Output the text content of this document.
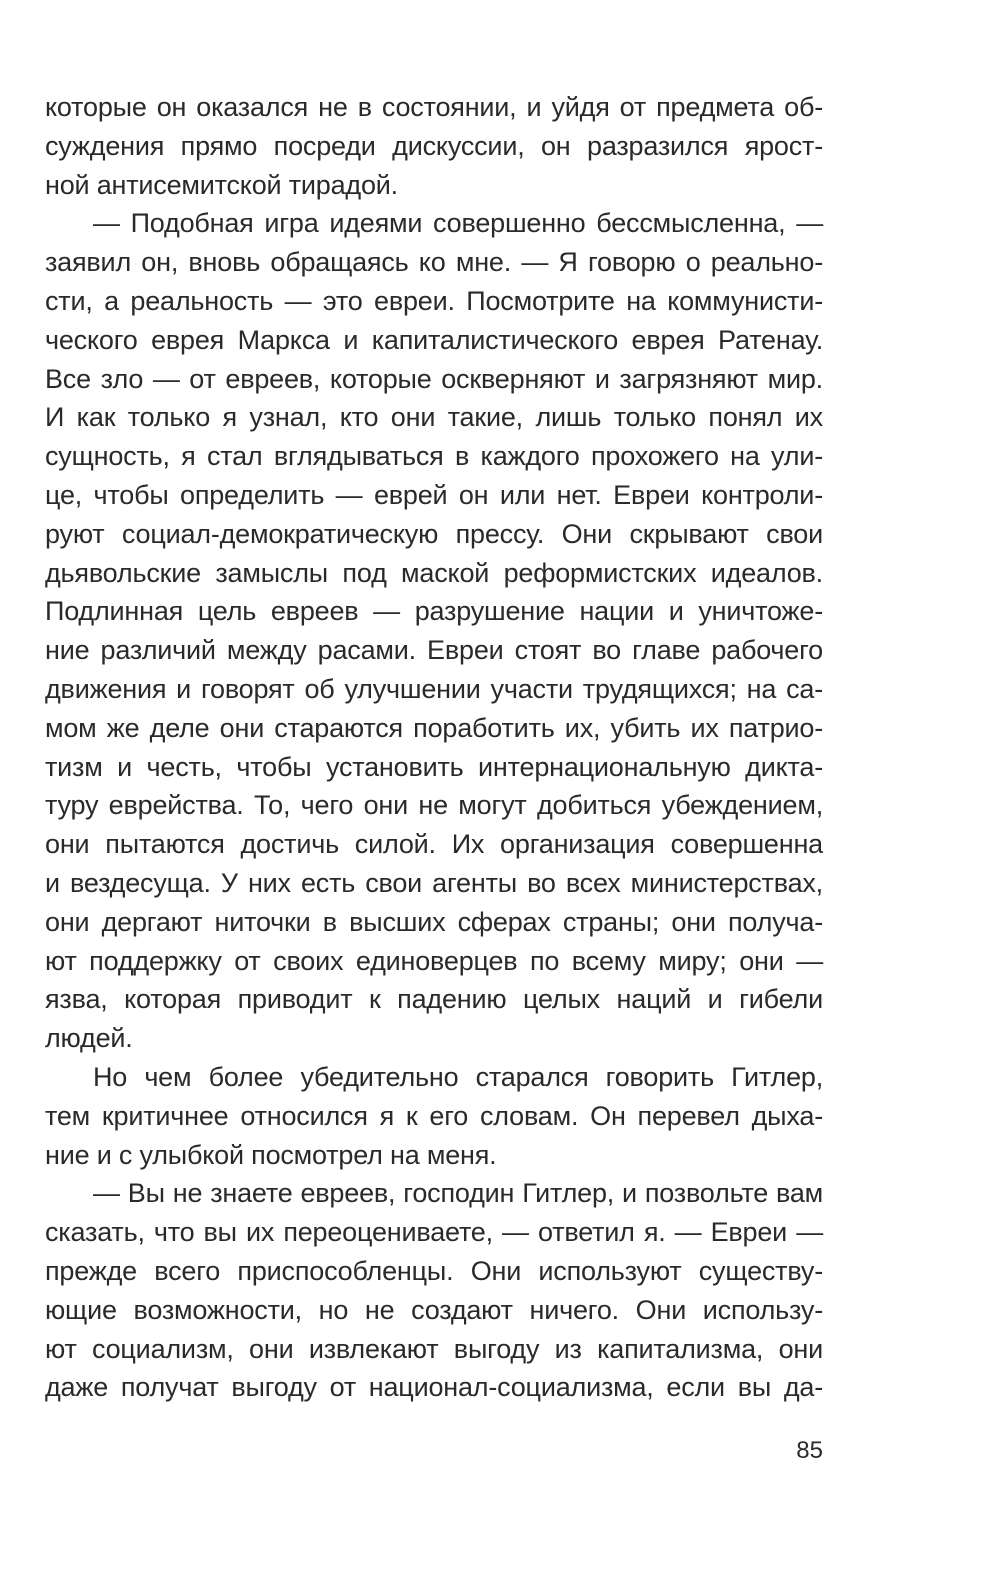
которые он оказался не в состоянии, и уйдя от предмета об-
суждения прямо посреди дискуссии, он разразился ярост-
ной антисемитской тирадой.
— Подобная игра идеями совершенно бессмысленна, —
заявил он, вновь обращаясь ко мне. — Я говорю о реально-
сти, а реальность — это евреи. Посмотрите на коммунисти-
ческого еврея Маркса и капиталистического еврея Ратенау.
Все зло — от евреев, которые оскверняют и загрязняют мир.
И как только я узнал, кто они такие, лишь только понял их
сущность, я стал вглядываться в каждого прохожего на ули-
це, чтобы определить — еврей он или нет. Евреи контроли-
руют социал-демократическую прессу. Они скрывают свои
дьявольские замыслы под маской реформистских идеалов.
Подлинная цель евреев — разрушение нации и уничтоже-
ние различий между расами. Евреи стоят во главе рабочего
движения и говорят об улучшении участи трудящихся; на са-
мом же деле они стараются поработить их, убить их патрио-
тизм и честь, чтобы установить интернациональную дикта-
туру еврейства. То, чего они не могут добиться убеждением,
они пытаются достичь силой. Их организация совершенна
и вездесуща. У них есть свои агенты во всех министерствах,
они дергают ниточки в высших сферах страны; они получа-
ют поддержку от своих единоверцев по всему миру; они —
язва, которая приводит к падению целых наций и гибели
людей.
Но чем более убедительно старался говорить Гитлер,
тем критичнее относился я к его словам. Он перевел дыха-
ние и с улыбкой посмотрел на меня.
— Вы не знаете евреев, господин Гитлер, и позвольте вам
сказать, что вы их переоцениваете, — ответил я. — Евреи —
прежде всего приспособленцы. Они используют существу-
ющие возможности, но не создают ничего. Они использу-
ют социализм, они извлекают выгоду из капитализма, они
даже получат выгоду от национал-социализма, если вы да-
85
